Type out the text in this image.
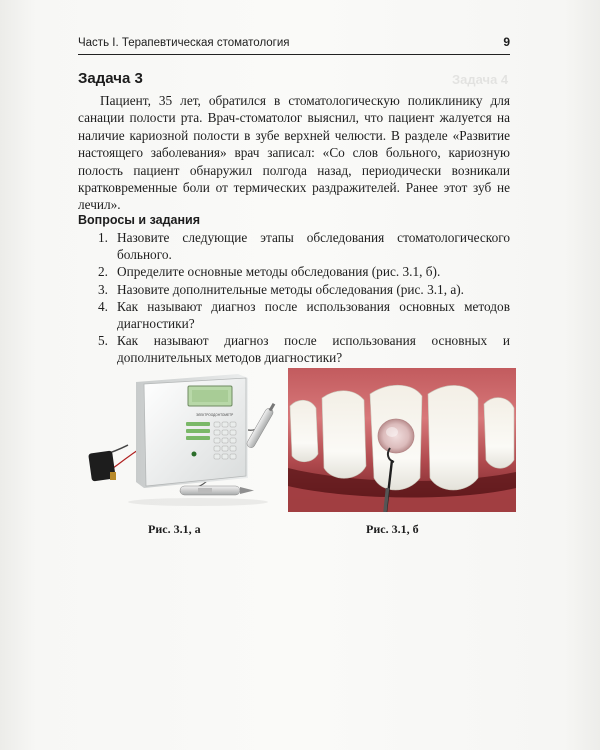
Задача 4
Часть I. Терапевтическая стоматология	9
Задача 3
Пациент, 35 лет, обратился в стоматологическую поликлинику для санации полости рта. Врач-стоматолог выяснил, что пациент жалуется на наличие кариозной полости в зубе верхней челюсти. В разделе «Развитие настоящего заболевания» врач записал: «Со слов больного, кариозную полость пациент обнаружил полгода назад, периодически возникали кратковременные боли от термических раздражителей. Ранее этот зуб не лечил».
Вопросы и задания
1. Назовите следующие этапы обследования стоматологического больного.
2. Определите основные методы обследования (рис. 3.1, б).
3. Назовите дополнительные методы обследования (рис. 3.1, а).
4. Как называют диагноз после использования основных методов диагностики?
5. Как называют диагноз после использования основных и дополнительных методов диагностики?
ЭЛЕКТРООДОНТОМЕТР
Рис. 3.1, а	Рис. 3.1, б
